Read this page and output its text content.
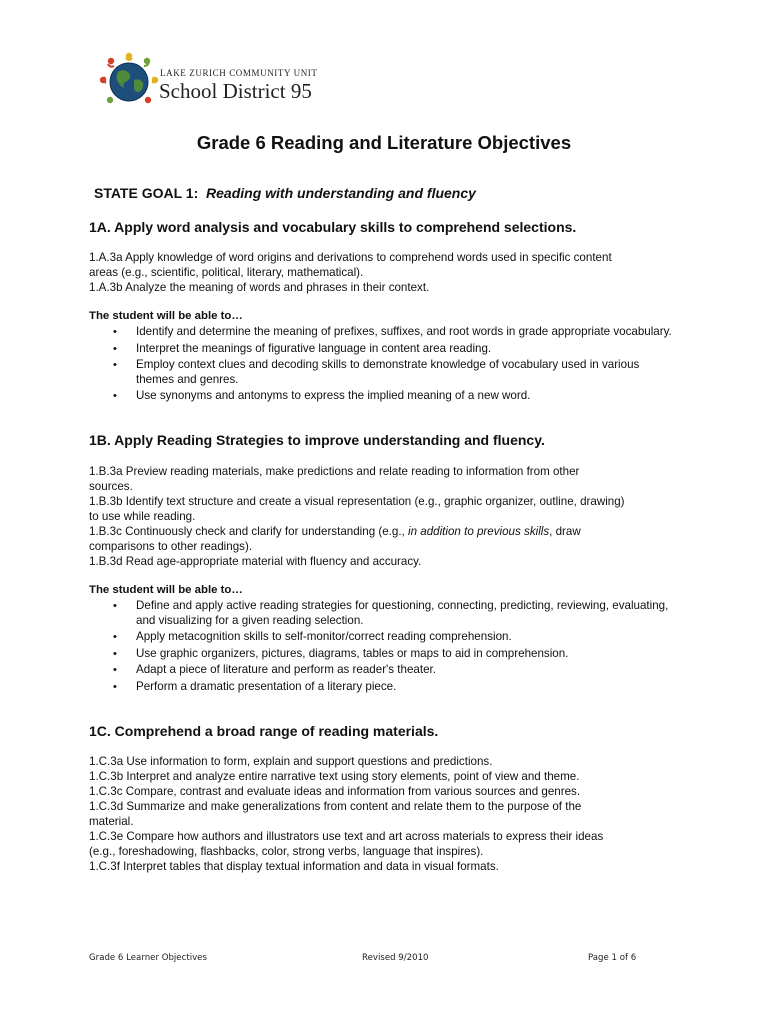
LAKE ZURICH COMMUNITY UNIT
School District 95
Grade 6 Reading and Literature Objectives
STATE GOAL 1: Reading with understanding and fluency
1A. Apply word analysis and vocabulary skills to comprehend selections.
1.A.3a Apply knowledge of word origins and derivations to comprehend words used in specific content
areas (e.g., scientific, political, literary, mathematical).
1.A.3b Analyze the meaning of words and phrases in their context.
The student will be able to…
• Identify and determine the meaning of prefixes, suffixes, and root words in grade appropriate vocabulary.
• Interpret the meanings of figurative language in content area reading.
• Employ context clues and decoding skills to demonstrate knowledge of vocabulary used in various themes and genres.
• Use synonyms and antonyms to express the implied meaning of a new word.
1B. Apply Reading Strategies to improve understanding and fluency.
1.B.3a Preview reading materials, make predictions and relate reading to information from other
sources.
1.B.3b Identify text structure and create a visual representation (e.g., graphic organizer, outline, drawing)
to use while reading.
1.B.3c Continuously check and clarify for understanding (e.g., in addition to previous skills, draw
comparisons to other readings).
1.B.3d Read age-appropriate material with fluency and accuracy.
The student will be able to…
• Define and apply active reading strategies for questioning, connecting, predicting, reviewing, evaluating, and visualizing for a given reading selection.
• Apply metacognition skills to self-monitor/correct reading comprehension.
• Use graphic organizers, pictures, diagrams, tables or maps to aid in comprehension.
• Adapt a piece of literature and perform as reader's theater.
• Perform a dramatic presentation of a literary piece.
1C. Comprehend a broad range of reading materials.
1.C.3a Use information to form, explain and support questions and predictions.
1.C.3b Interpret and analyze entire narrative text using story elements, point of view and theme.
1.C.3c Compare, contrast and evaluate ideas and information from various sources and genres.
1.C.3d Summarize and make generalizations from content and relate them to the purpose of the
material.
1.C.3e Compare how authors and illustrators use text and art across materials to express their ideas
(e.g., foreshadowing, flashbacks, color, strong verbs, language that inspires).
1.C.3f Interpret tables that display textual information and data in visual formats.
Grade 6 Learner Objectives	Revised 9/2010	Page 1 of 6
